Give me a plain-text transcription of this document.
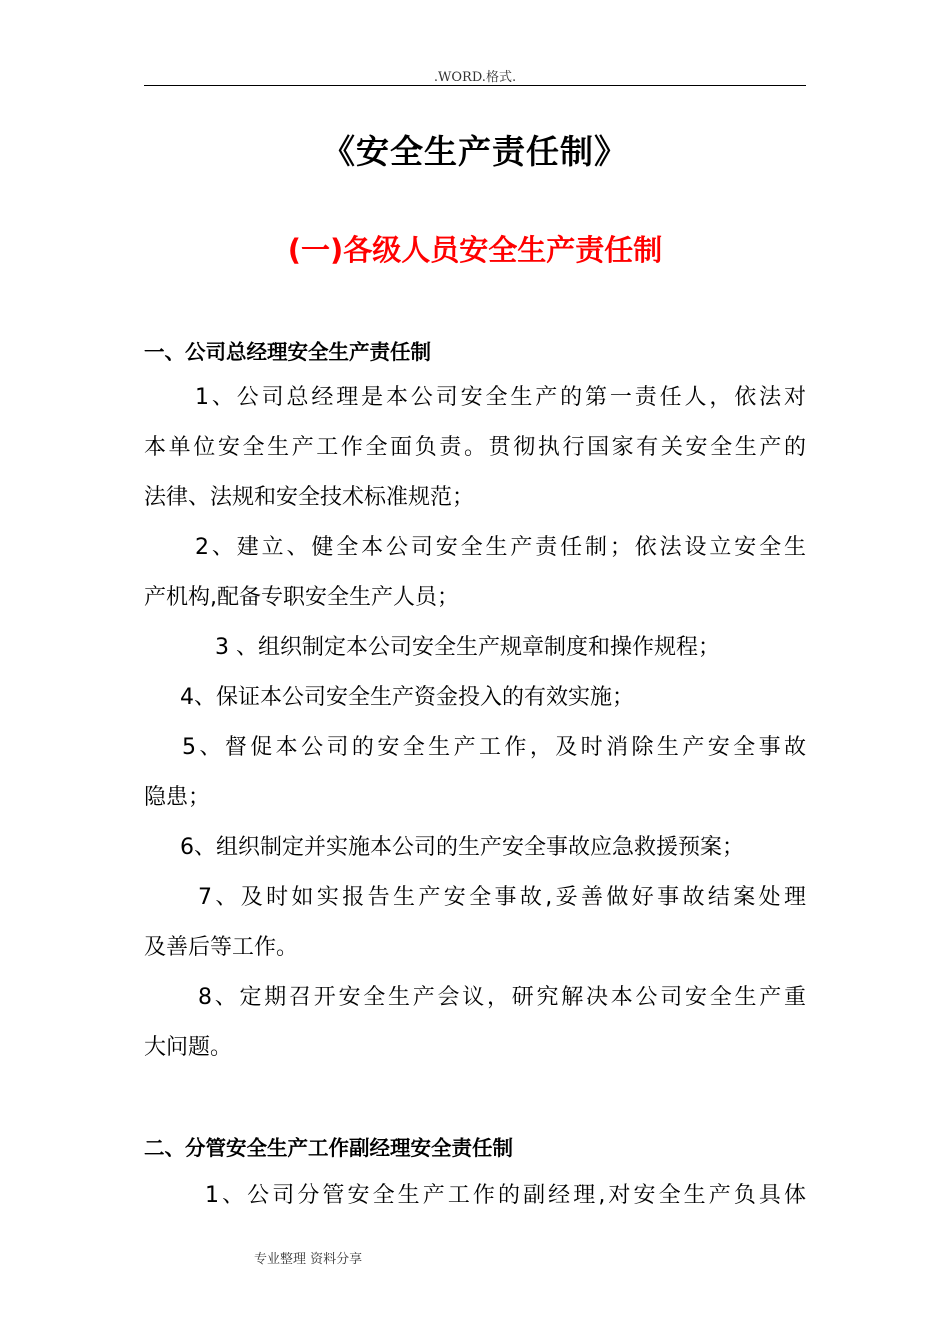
.WORD.格式.
《安全生产责任制》
(一)各级人员安全生产责任制
一、公司总经理安全生产责任制
1、公司总经理是本公司安全生产的第一责任人，依法对
本单位安全生产工作全面负责。贯彻执行国家有关安全生产的
法律、法规和安全技术标准规范；
2、建立、健全本公司安全生产责任制；依法设立安全生
产机构,配备专职安全生产人员；
3 、组织制定本公司安全生产规章制度和操作规程；
4、保证本公司安全生产资金投入的有效实施；
5、督促本公司的安全生产工作，及时消除生产安全事故
隐患；
6、组织制定并实施本公司的生产安全事故应急救援预案；
7、及时如实报告生产安全事故,妥善做好事故结案处理
及善后等工作。
8、定期召开安全生产会议，研究解决本公司安全生产重
大问题。
二、分管安全生产工作副经理安全责任制
1、公司分管安全生产工作的副经理,对安全生产负具体
专业整理 资料分享
